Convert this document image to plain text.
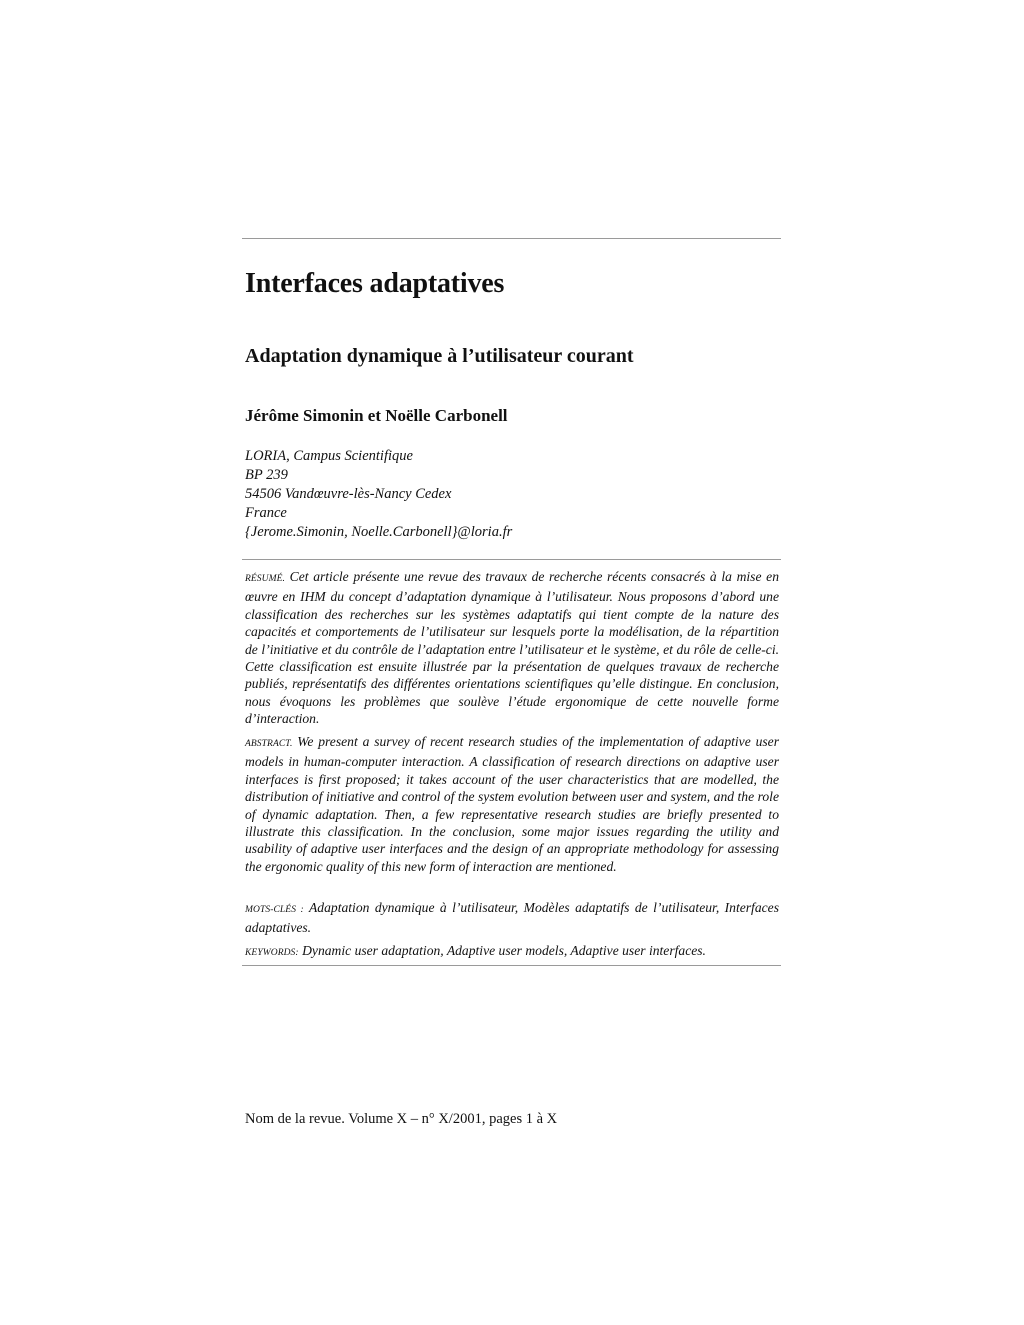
Interfaces adaptatives
Adaptation dynamique à l’utilisateur courant
Jérôme Simonin et Noëlle Carbonell
LORIA, Campus Scientifique
BP 239
54506 Vandœuvre-lès-Nancy Cedex
France
{Jerome.Simonin, Noelle.Carbonell}@loria.fr

RÉSUMÉ. Cet article présente une revue des travaux de recherche récents consacrés à la mise en œuvre en IHM du concept d’adaptation dynamique à l’utilisateur. Nous proposons d’abord une classification des recherches sur les systèmes adaptatifs qui tient compte de la nature des capacités et comportements de l’utilisateur sur lesquels porte la modélisation, de la répartition de l’initiative et du contrôle de l’adaptation entre l’utilisateur et le système, et du rôle de celle-ci. Cette classification est ensuite illustrée par la présentation de quelques travaux de recherche publiés, représentatifs des différentes orientations scientifiques qu’elle distingue. En conclusion, nous évoquons les problèmes que soulève l’étude ergonomique de cette nouvelle forme d’interaction.

ABSTRACT. We present a survey of recent research studies of the implementation of adaptive user models in human-computer interaction. A classification of research directions on adaptive user interfaces is first proposed; it takes account of the user characteristics that are modelled, the distribution of initiative and control of the system evolution between user and system, and the role of dynamic adaptation. Then, a few representative research studies are briefly presented to illustrate this classification. In the conclusion, some major issues regarding the utility and usability of adaptive user interfaces and the design of an appropriate methodology for assessing the ergonomic quality of this new form of interaction are mentioned.

MOTS-CLÉS : Adaptation dynamique à l’utilisateur, Modèles adaptatifs de l’utilisateur, Interfaces adaptatives.

KEYWORDS: Dynamic user adaptation, Adaptive user models, Adaptive user interfaces.

Nom de la revue. Volume X – n° X/2001, pages 1 à X
